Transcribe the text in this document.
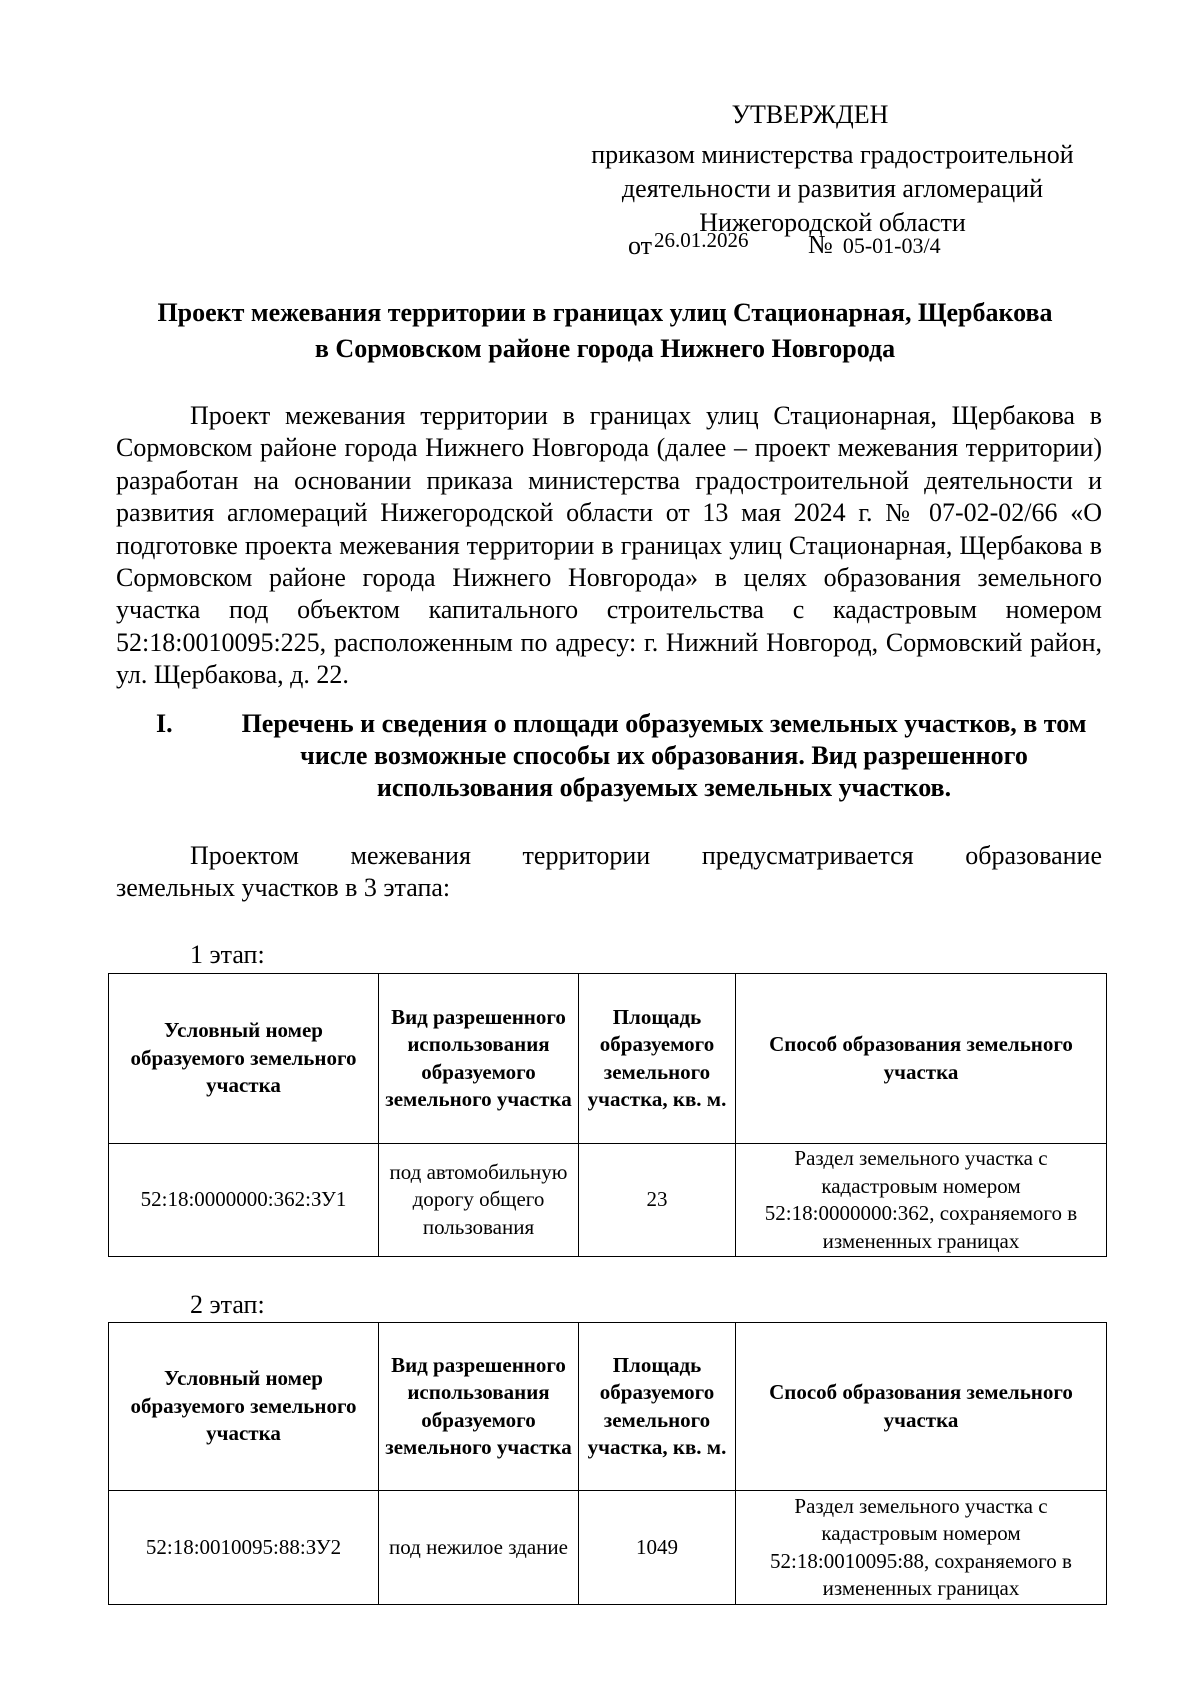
УТВЕРЖДЕН
приказом министерства градостроительной
деятельности и развития агломераций
Нижегородской области
$от^{26.01.2026}$ № 05-01-03/4
Проект межевания территории в границах улиц Стационарная, Щербакова
в Сормовском районе города Нижнего Новгорода

Проект межевания территории в границах улиц Стационарная, Щербакова в Сормовском районе города Нижнего Новгорода (далее – проект межевания территории) разработан на основании приказа министерства градостроительной деятельности и развития агломераций Нижегородской области от 13 мая 2024 г. № 07-02-02/66 «О подготовке проекта межевания территории в границах улиц Стационарная, Щербакова в Сормовском районе города Нижнего Новгорода» в целях образования земельного участка под объектом капитального строительства с кадастровым номером 52:18:0010095:225, расположенным по адресу: г. Нижний Новгород, Сормовский район, ул. Щербакова, д. 22.

I.	Перечень и сведения о площади образуемых земельных участков, в том числе возможные способы их образования. Вид разрешенного использования образуемых земельных участков.
Проектом межевания территории предусматривается образование
земельных участков в 3 этапа:
1 этап:
Условный номер образуемого земельного участка	Вид разрешенного использования образуемого земельного участка	Площадь образуемого земельного участка, кв. м.	Способ образования земельного участка
52:18:0000000:362:ЗУ1	под автомобильную дорогу общего пользования	23	Раздел земельного участка с кадастровым номером 52:18:0000000:362, сохраняемого в измененных границах
2 этап:
Условный номер образуемого земельного участка	Вид разрешенного использования образуемого земельного участка	Площадь образуемого земельного участка, кв. м.	Способ образования земельного участка
52:18:0010095:88:ЗУ2	под нежилое здание	1049	Раздел земельного участка с кадастровым номером 52:18:0010095:88, сохраняемого в измененных границах
